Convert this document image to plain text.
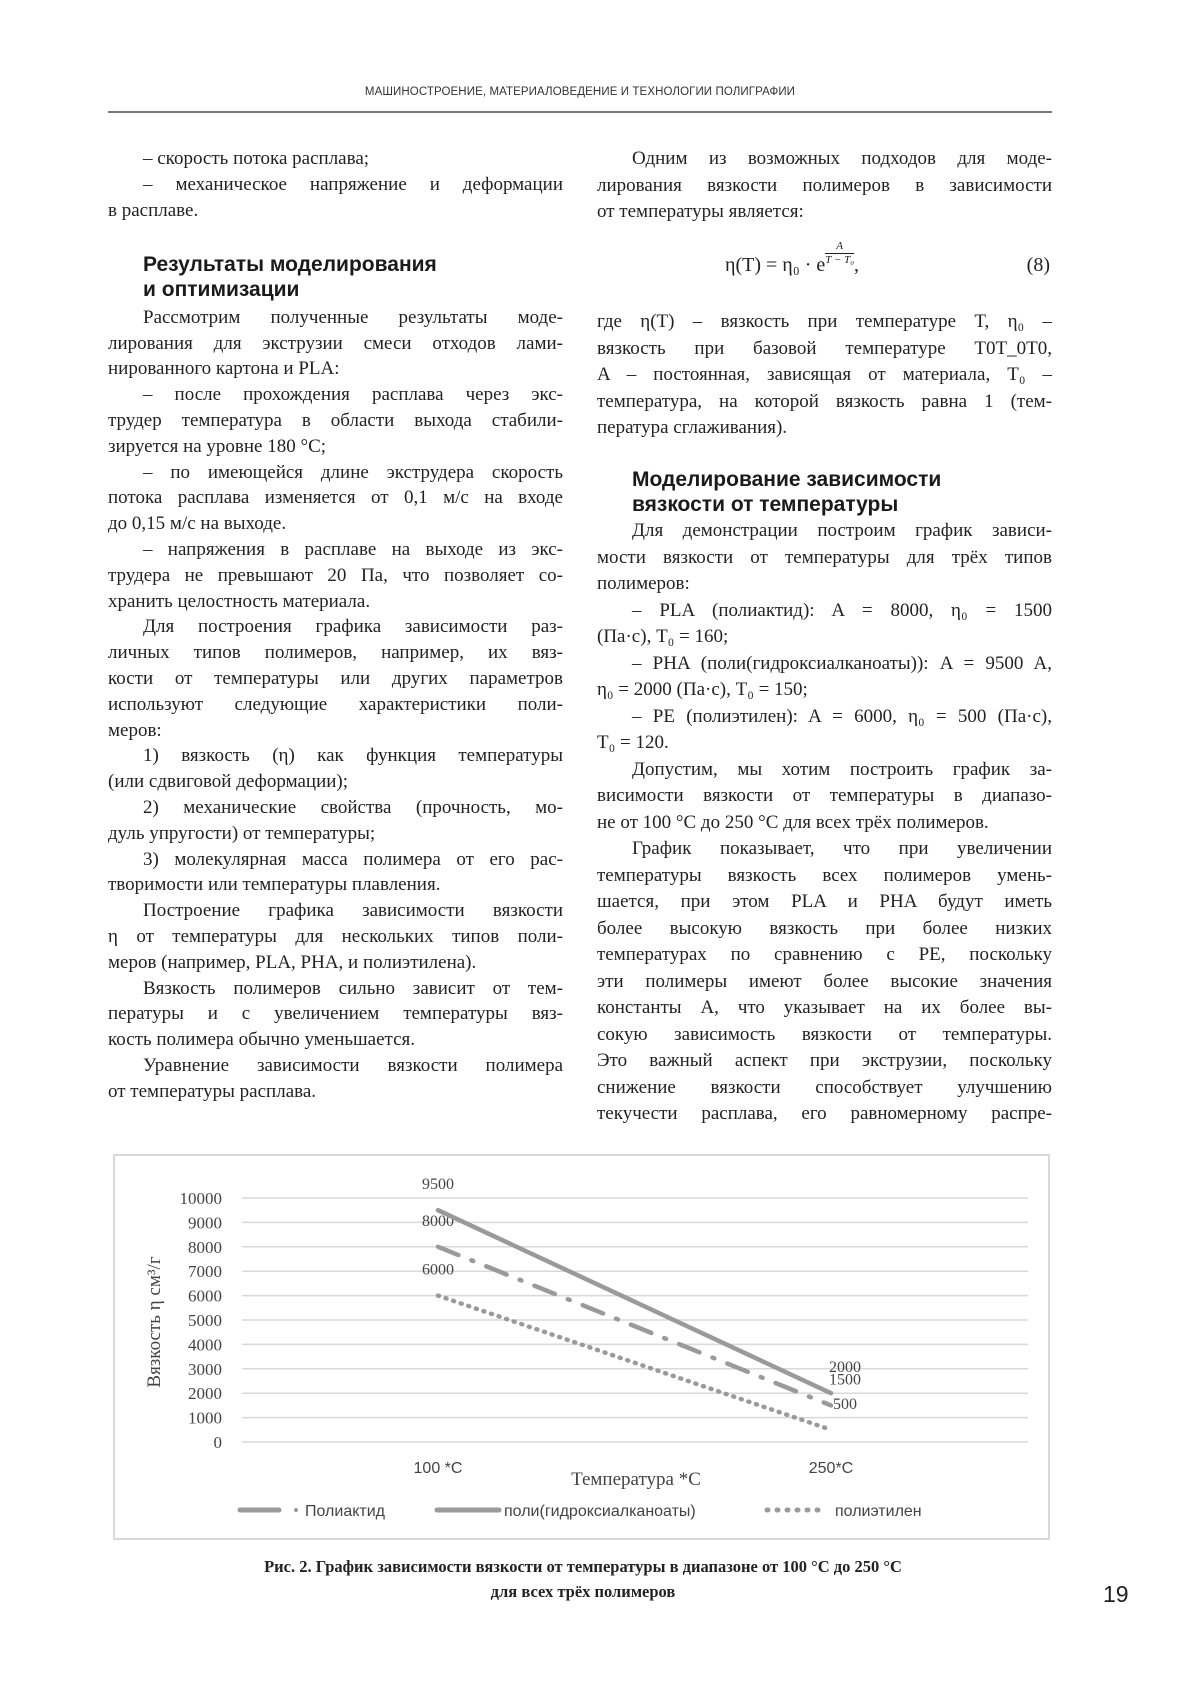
МАШИНОСТРОЕНИЕ, МАТЕРИАЛОВЕДЕНИЕ И ТЕХНОЛОГИИ ПОЛИГРАФИИ
– скорость потока расплава;
– механическое напряжение и деформации
в расплаве.
Результаты моделирования
и оптимизации
Рассмотрим полученные результаты моде-
лирования для экструзии смеси отходов лами-
нированного картона и PLA:
– после прохождения расплава через экс-
трудер температура в области выхода стабили-
зируется на уровне 180 °C;
– по имеющейся длине экструдера скорость
потока расплава изменяется от 0,1 м/с на входе
до 0,15 м/с на выходе.
– напряжения в расплаве на выходе из экс-
трудера не превышают 20 Па, что позволяет со-
хранить целостность материала.
Для построения графика зависимости раз-
личных типов полимеров, например, их вяз-
кости от температуры или других параметров
используют следующие характеристики поли-
меров:
1) вязкость (η) как функция температуры
(или сдвиговой деформации);
2) механические свойства (прочность, мо-
дуль упругости) от температуры;
3) молекулярная масса полимера от его рас-
творимости или температуры плавления.
Построение графика зависимости вязкости
η от температуры для нескольких типов поли-
меров (например, PLA, PHA, и полиэтилена).
Вязкость полимеров сильно зависит от тем-
пературы и с увеличением температуры вяз-
кость полимера обычно уменьшается.
Уравнение зависимости вязкости полимера
от температуры расплава.
Одним из возможных подходов для моде-
лирования вязкости полимеров в зависимости
от температуры является:
η(T) = η₀ · e $\frac{A}{\text{T − T₀}}$ ,	(8)
где η(T) – вязкость при температуре T, η₀ –
вязкость при базовой температуре T0T_0T0,
A – постоянная, зависящая от материала, T₀ –
температура, на которой вязкость равна 1 (тем-
пература сглаживания).
Моделирование зависимости
вязкости от температуры
Для демонстрации построим график зависи-
мости вязкости от температуры для трёх типов
полимеров:
– PLA (полиактид): A = 8000, η₀ = 1500
(Па·с), T₀ = 160;
– PHA (поли(гидроксиалканоаты)): A = 9500 A,
η₀ = 2000 (Па·с), T₀ = 150;
– PE (полиэтилен): A = 6000, η₀ = 500 (Па·с),
T₀ = 120.
Допустим, мы хотим построить график за-
висимости вязкости от температуры в диапазо-
не от 100 °C до 250 °C для всех трёх полимеров.
График показывает, что при увеличении
температуры вязкость всех полимеров умень-
шается, при этом PLA и PHA будут иметь
более высокую вязкость при более низких
температурах по сравнению с PE, поскольку
эти полимеры имеют более высокие значения
константы A, что указывает на их более вы-
сокую зависимость вязкости от температуры.
Это важный аспект при экструзии, поскольку
снижение вязкости способствует улучшению
текучести расплава, его равномерному распре-
0
1000
2000
3000
4000
5000
6000
7000
8000
9000
10000
100 *C	250*C
Температура *C
Вязкость η см³/г
8000
1500
9500
2000
6000
500
Полиактид	поли(гидроксиалканоаты)	полиэтилен
Рис. 2. График зависимости вязкости от температуры в диапазоне от 100 °C до 250 °C
для всех трёх полимеров	19
